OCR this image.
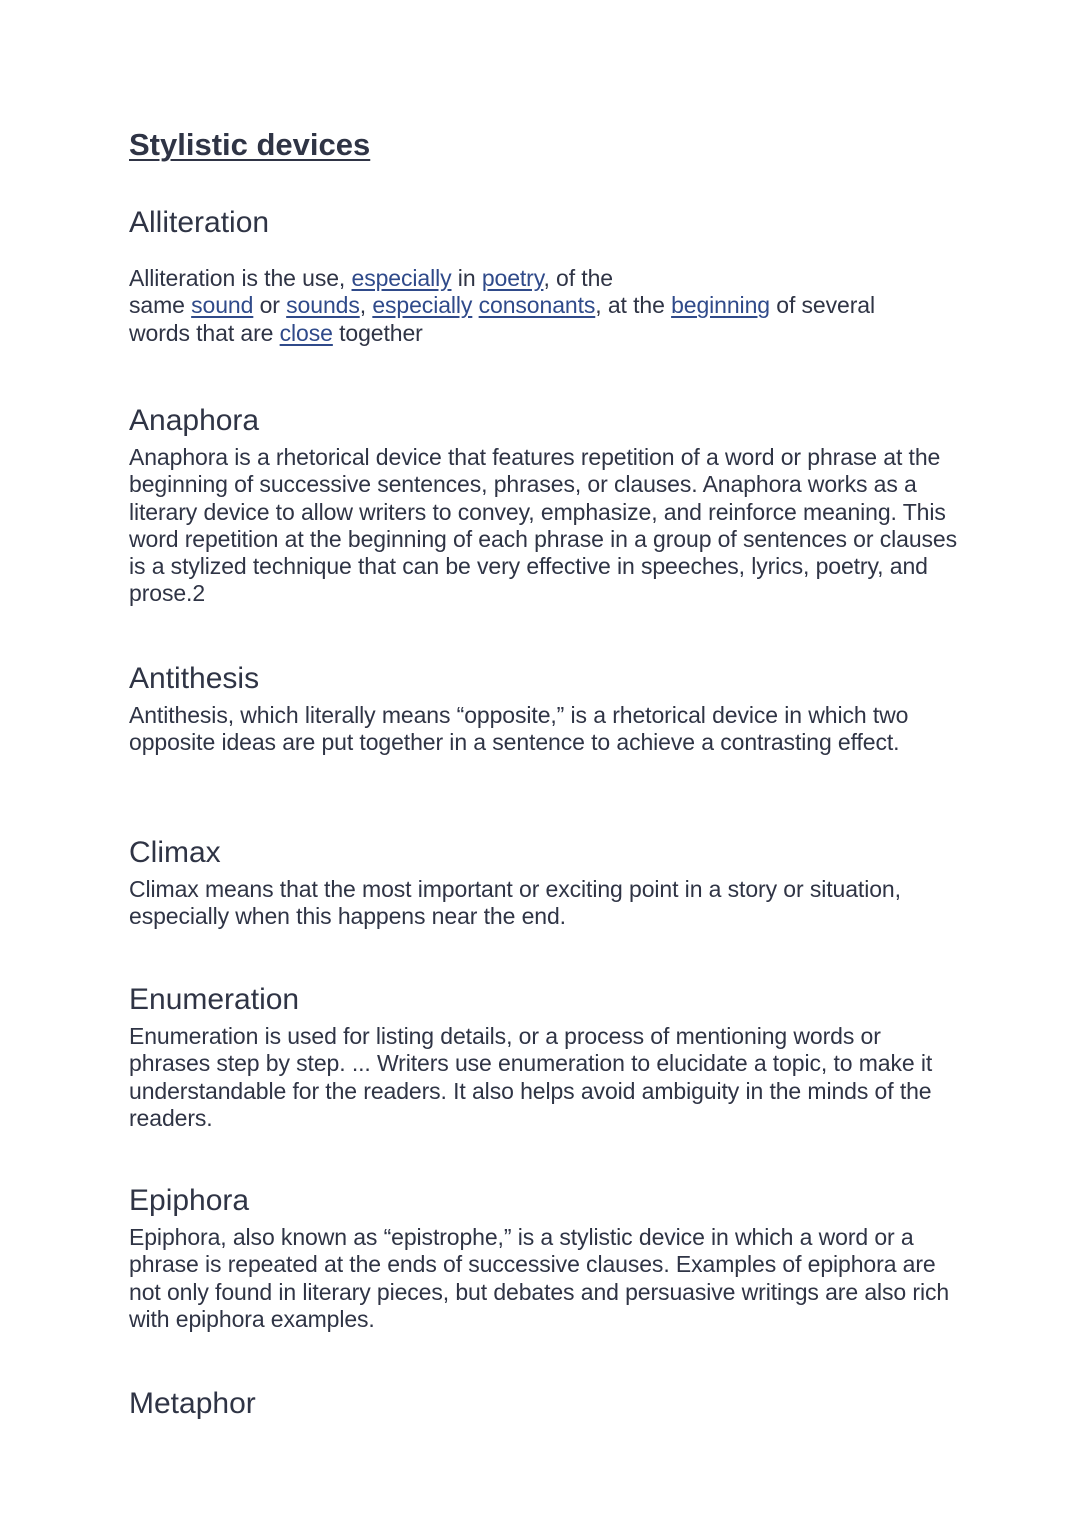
Stylistic devices
Alliteration

Alliteration is the use, especially in poetry, of the
same sound or sounds, especially consonants, at the beginning of several
words that are close together

Anaphora

Anaphora is a rhetorical device that features repetition of a word or phrase at the beginning of successive sentences, phrases, or clauses. Anaphora works as a literary device to allow writers to convey, emphasize, and reinforce meaning. This word repetition at the beginning of each phrase in a group of sentences or clauses is a stylized technique that can be very effective in speeches, lyrics, poetry, and prose.2

Antithesis

Antithesis, which literally means “opposite,” is a rhetorical device in which two opposite ideas are put together in a sentence to achieve a contrasting effect.

Climax

Climax means that the most important or exciting point in a story or situation, especially when this happens near the end.

Enumeration

Enumeration is used for listing details, or a process of mentioning words or phrases step by step. ... Writers use enumeration to elucidate a topic, to make it understandable for the readers. It also helps avoid ambiguity in the minds of the readers.

Epiphora

Epiphora, also known as “epistrophe,” is a stylistic device in which a word or a phrase is repeated at the ends of successive clauses. Examples of epiphora are not only found in literary pieces, but debates and persuasive writings are also rich with epiphora examples.

Metaphor
